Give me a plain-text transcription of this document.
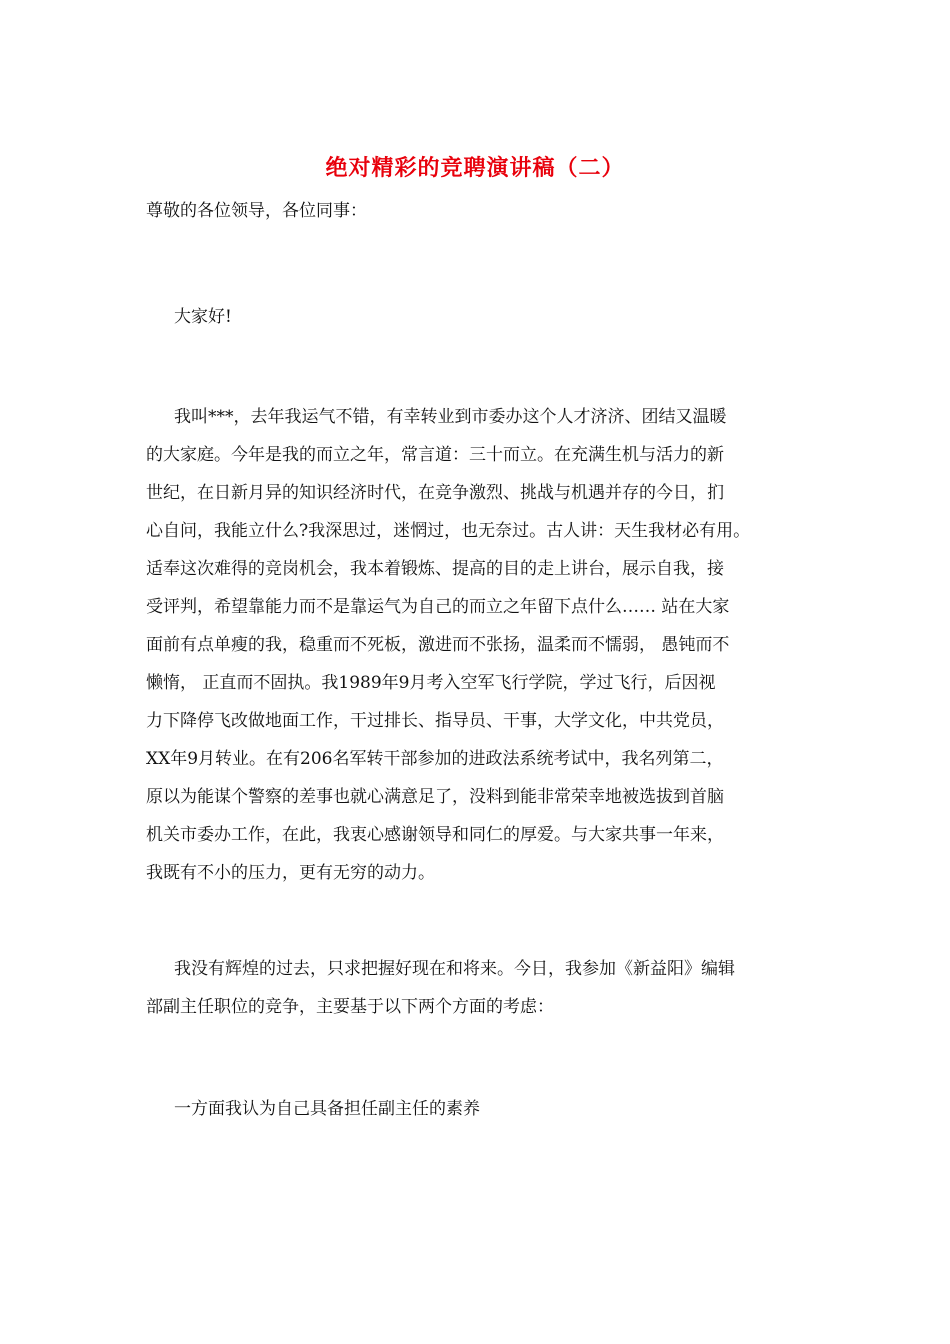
绝对精彩的竞聘演讲稿（二）
尊敬的各位领导，各位同事：
大家好!
我叫***，去年我运气不错，有幸转业到市委办这个人才济济、团结又温暖
的大家庭。今年是我的而立之年，常言道：三十而立。在充满生机与活力的新
世纪，在日新月异的知识经济时代，在竞争激烈、挑战与机遇并存的今日，扪
心自问，我能立什么?我深思过，迷惘过，也无奈过。古人讲：天生我材必有用。
适奉这次难得的竞岗机会，我本着锻炼、提高的目的走上讲台，展示自我，接
受评判，希望靠能力而不是靠运气为自己的而立之年留下点什么…… 站在大家
面前有点单瘦的我，稳重而不死板，激进而不张扬，温柔而不懦弱， 愚钝而不
懒惰， 正直而不固执。我1989年9月考入空军飞行学院，学过飞行，后因视
力下降停飞改做地面工作，干过排长、指导员、干事，大学文化，中共党员，
XX年9月转业。在有206名军转干部参加的进政法系统考试中，我名列第二，
原以为能谋个警察的差事也就心满意足了，没料到能非常荣幸地被选拔到首脑
机关市委办工作，在此，我衷心感谢领导和同仁的厚爱。与大家共事一年来，
我既有不小的压力，更有无穷的动力。
我没有辉煌的过去，只求把握好现在和将来。今日，我参加《新益阳》编辑
部副主任职位的竞争，主要基于以下两个方面的考虑：
一方面我认为自己具备担任副主任的素养
